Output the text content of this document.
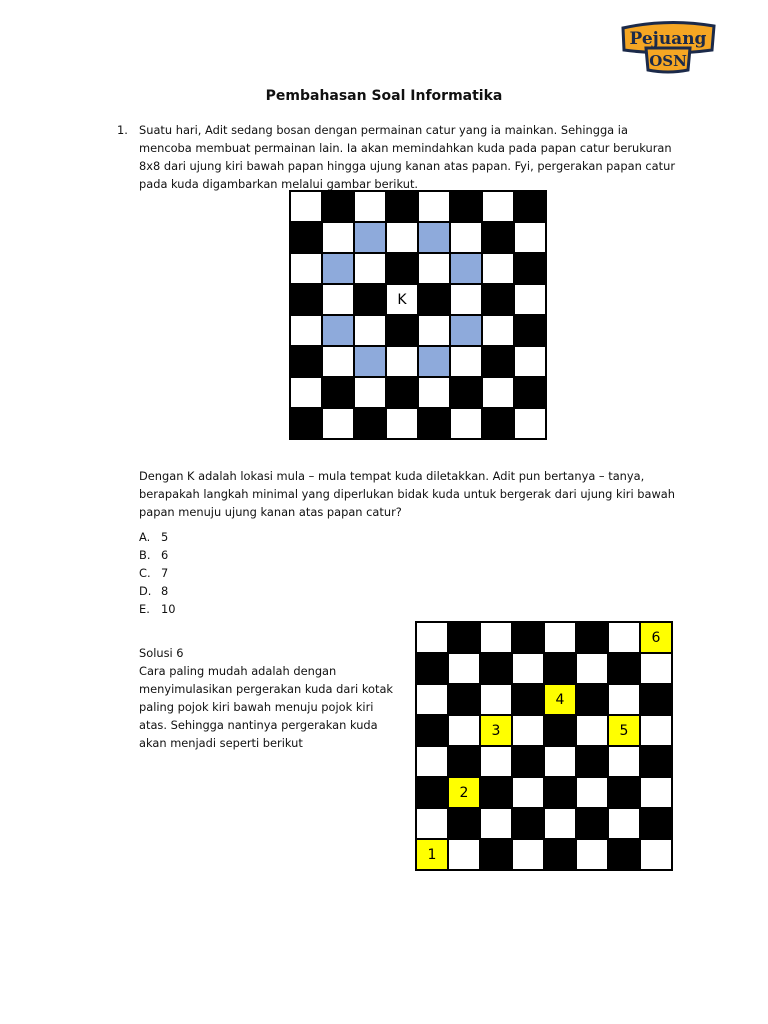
Pejuang
OSN
Pembahasan Soal Informatika

1. Suatu hari, Adit sedang bosan dengan permainan catur yang ia mainkan. Sehingga ia mencoba membuat permainan lain. Ia akan memindahkan kuda pada papan catur berukuran 8x8 dari ujung kiri bawah papan hingga ujung kanan atas papan. Fyi, pergerakan papan catur pada kuda digambarkan melalui gambar berikut.

K

Dengan K adalah lokasi mula – mula tempat kuda diletakkan. Adit pun bertanya – tanya, berapakah langkah minimal yang diperlukan bidak kuda untuk bergerak dari ujung kiri bawah papan menuju ujung kanan atas papan catur?

A. 5
B. 6
C. 7
D. 8
E. 10

Solusi 6

Cara paling mudah adalah dengan menyimulasikan pergerakan kuda dari kotak paling pojok kiri bawah menuju pojok kiri atas. Sehingga nantinya pergerakan kuda akan menjadi seperti berikut

6
4
3	5
2
1
